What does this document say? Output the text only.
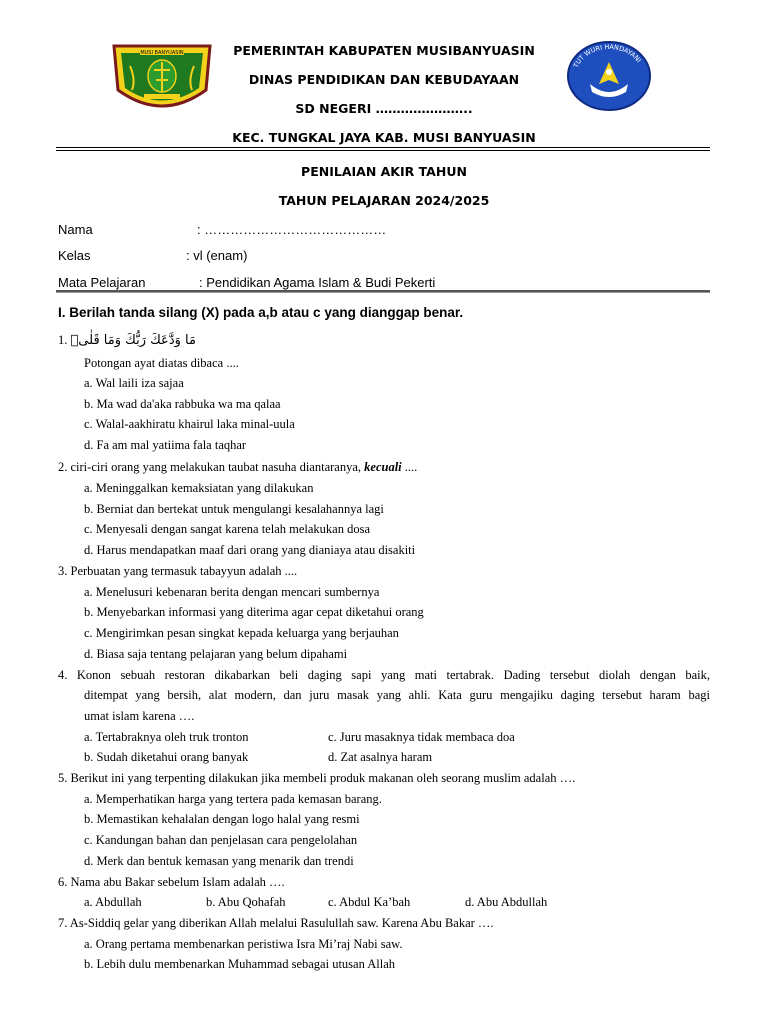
MUSI BANYUASIN
TUT WURI HANDAYANI
PEMERINTAH KABUPATEN MUSIBANYUASIN
DINAS PENDIDIKAN DAN KEBUDAYAAN
SD NEGERI …………………..
KEC. TUNGKAL JAYA KAB. MUSI BANYUASIN
PENILAIAN AKIR TAHUN
TAHUN PELAJARAN 2024/2025
Nama	: ……………………………………
Kelas	: vl (enam)
Mata Pelajaran	: Pendidikan Agama Islam & Budi Pekerti
I. Berilah tanda silang (X) pada a,b atau c yang dianggap benar.
1. مَا وَدَّعَكَ رَبُّكَ وَمَا قَلٰىۗ
Potongan ayat diatas dibaca ....
a. Wal laili iza sajaa
b. Ma wad da'aka rabbuka wa ma qalaa
c. Walal-aakhiratu khairul laka minal-uula
d. Fa am mal yatiima fala taqhar
2. ciri-ciri orang yang melakukan taubat nasuha diantaranya, kecuali ....
a. Meninggalkan kemaksiatan yang dilakukan
b. Berniat dan bertekat untuk mengulangi kesalahannya lagi
c. Menyesali dengan sangat karena telah melakukan dosa
d. Harus mendapatkan maaf dari orang yang dianiaya atau disakiti
3. Perbuatan yang termasuk tabayyun adalah ....
a. Menelusuri kebenaran berita dengan mencari sumbernya
b. Menyebarkan informasi yang diterima agar cepat diketahui orang
c. Mengirimkan pesan singkat kepada keluarga yang berjauhan
d. Biasa saja tentang pelajaran yang belum dipahami
4. Konon sebuah restoran dikabarkan beli daging sapi yang mati tertabrak. Dading tersebut diolah dengan baik,
ditempat yang bersih, alat modern, dan juru masak yang ahli. Kata guru mengajiku daging tersebut haram bagi
umat islam karena ….
a. Tertabraknya oleh truk tronton	c. Juru masaknya tidak membaca doa
b. Sudah diketahui orang banyak	d. Zat asalnya haram
5. Berikut ini yang terpenting dilakukan jika membeli produk makanan oleh seorang muslim adalah ….
a. Memperhatikan harga yang tertera pada kemasan barang.
b. Memastikan kehalalan dengan logo halal yang resmi
c. Kandungan bahan dan penjelasan cara pengelolahan
d. Merk dan bentuk kemasan yang menarik dan trendi
6. Nama abu Bakar sebelum Islam adalah ….
a. Abdullah	b. Abu Qohafah	c. Abdul Ka’bah	d. Abu Abdullah
7. As-Siddiq gelar yang diberikan Allah melalui Rasulullah saw. Karena Abu Bakar ….
a. Orang pertama membenarkan peristiwa Isra Mi’raj Nabi saw.
b. Lebih dulu membenarkan Muhammad sebagai utusan Allah
